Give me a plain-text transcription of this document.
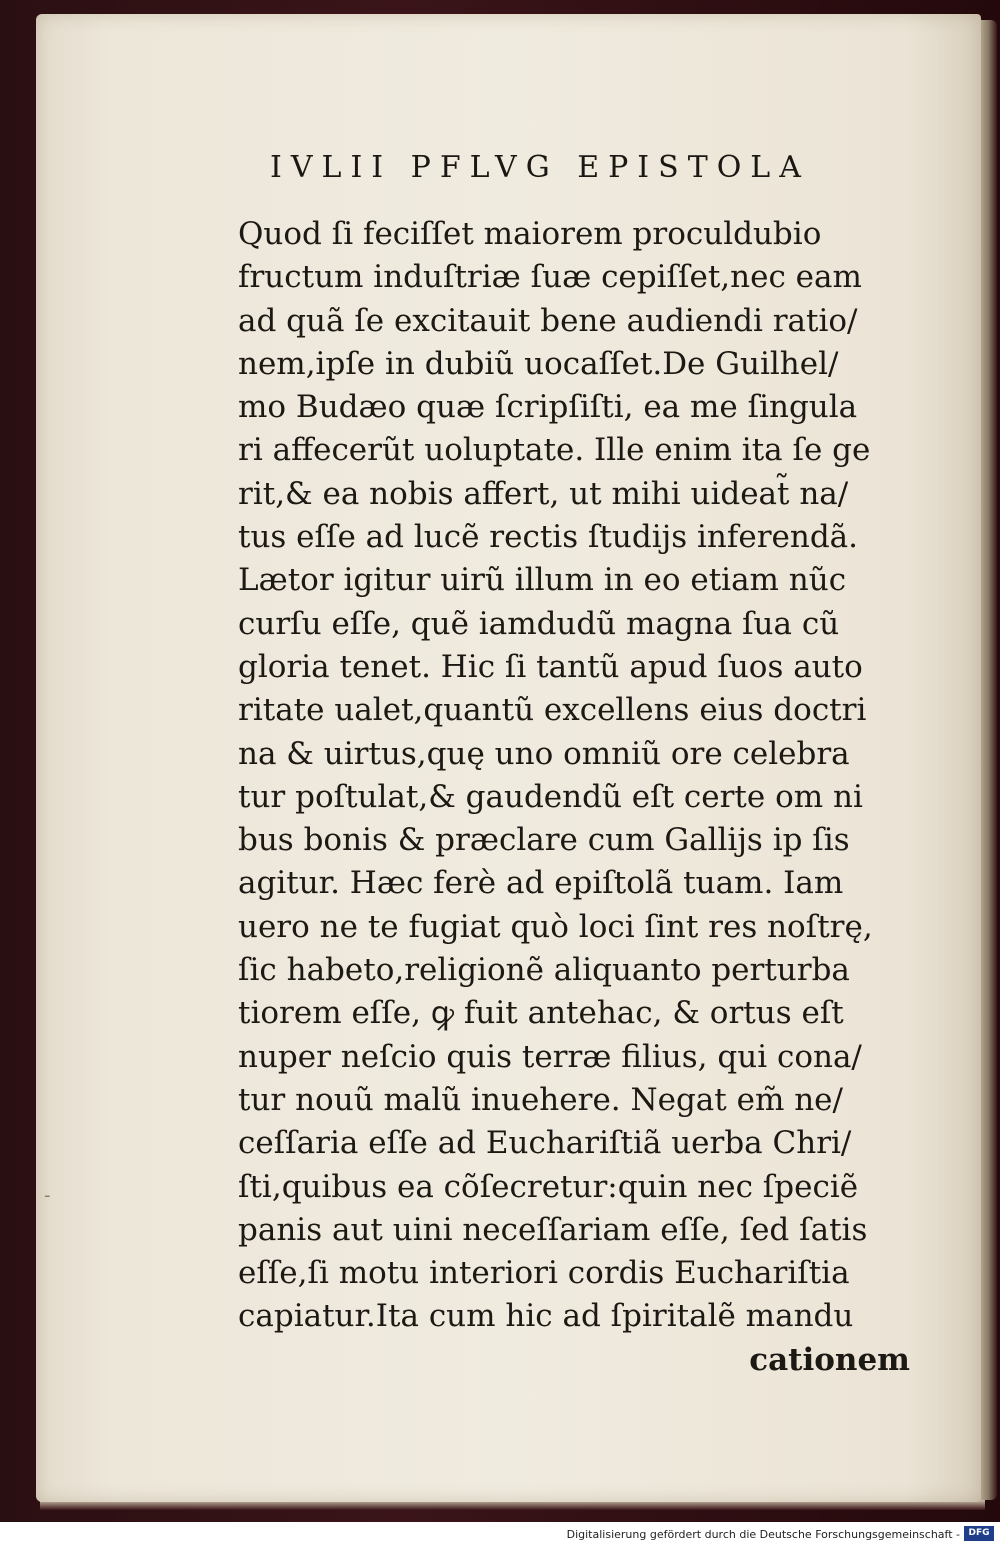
IVLII PFLVG EPISTOLA
Quod ſi feciſſet maiorem proculdubio
fructum induſtriæ ſuæ cepiſſet,nec eam
ad quã ſe excitauit bene audiendi ratio/
nem,ipſe in dubiũ uocaſſet.De Guilhel/
mo Budæo quæ ſcripſiſti, ea me ſingula
ri affecerũt uoluptate. Ille enim ita ſe ge
rit,& ea nobis affert, ut mihi uideat̃ na/
tus eſſe ad lucẽ rectis ſtudijs inferendã.
Lætor igitur uirũ illum in eo etiam nũc
curſu eſſe, quẽ iamdudũ magna ſua cũ
gloria tenet. Hic ſi tantũ apud ſuos auto
ritate ualet,quantũ excellens eius doctri
na & uirtus,quę uno omniũ ore celebra
tur poſtulat,& gaudendũ eſt certe om ni
bus bonis & præclare cum Gallijs ip ſis
agitur. Hæc ferè ad epiſtolã tuam. Iam
uero ne te fugiat quò loci ſint res noſtrę,
ſic habeto,religionẽ aliquanto perturba
tiorem eſſe, ꝙ fuit antehac, & ortus eſt
nuper neſcio quis terræ filius, qui cona/
tur nouũ malũ inuehere. Negat em̃ ne/
ceſſaria eſſe ad Euchariſtiã uerba Chri/
ſti,quibus ea cõſecretur:quin nec ſpeciẽ
panis aut uini neceſſariam eſſe, ſed ſatis
eſſe,ſi motu interiori cordis Euchariſtia
capiatur.Ita cum hic ad ſpiritalẽ mandu
cationem
-
Digitalisierung gefördert durch die Deutsche Forschungsgemeinschaft - DFG
